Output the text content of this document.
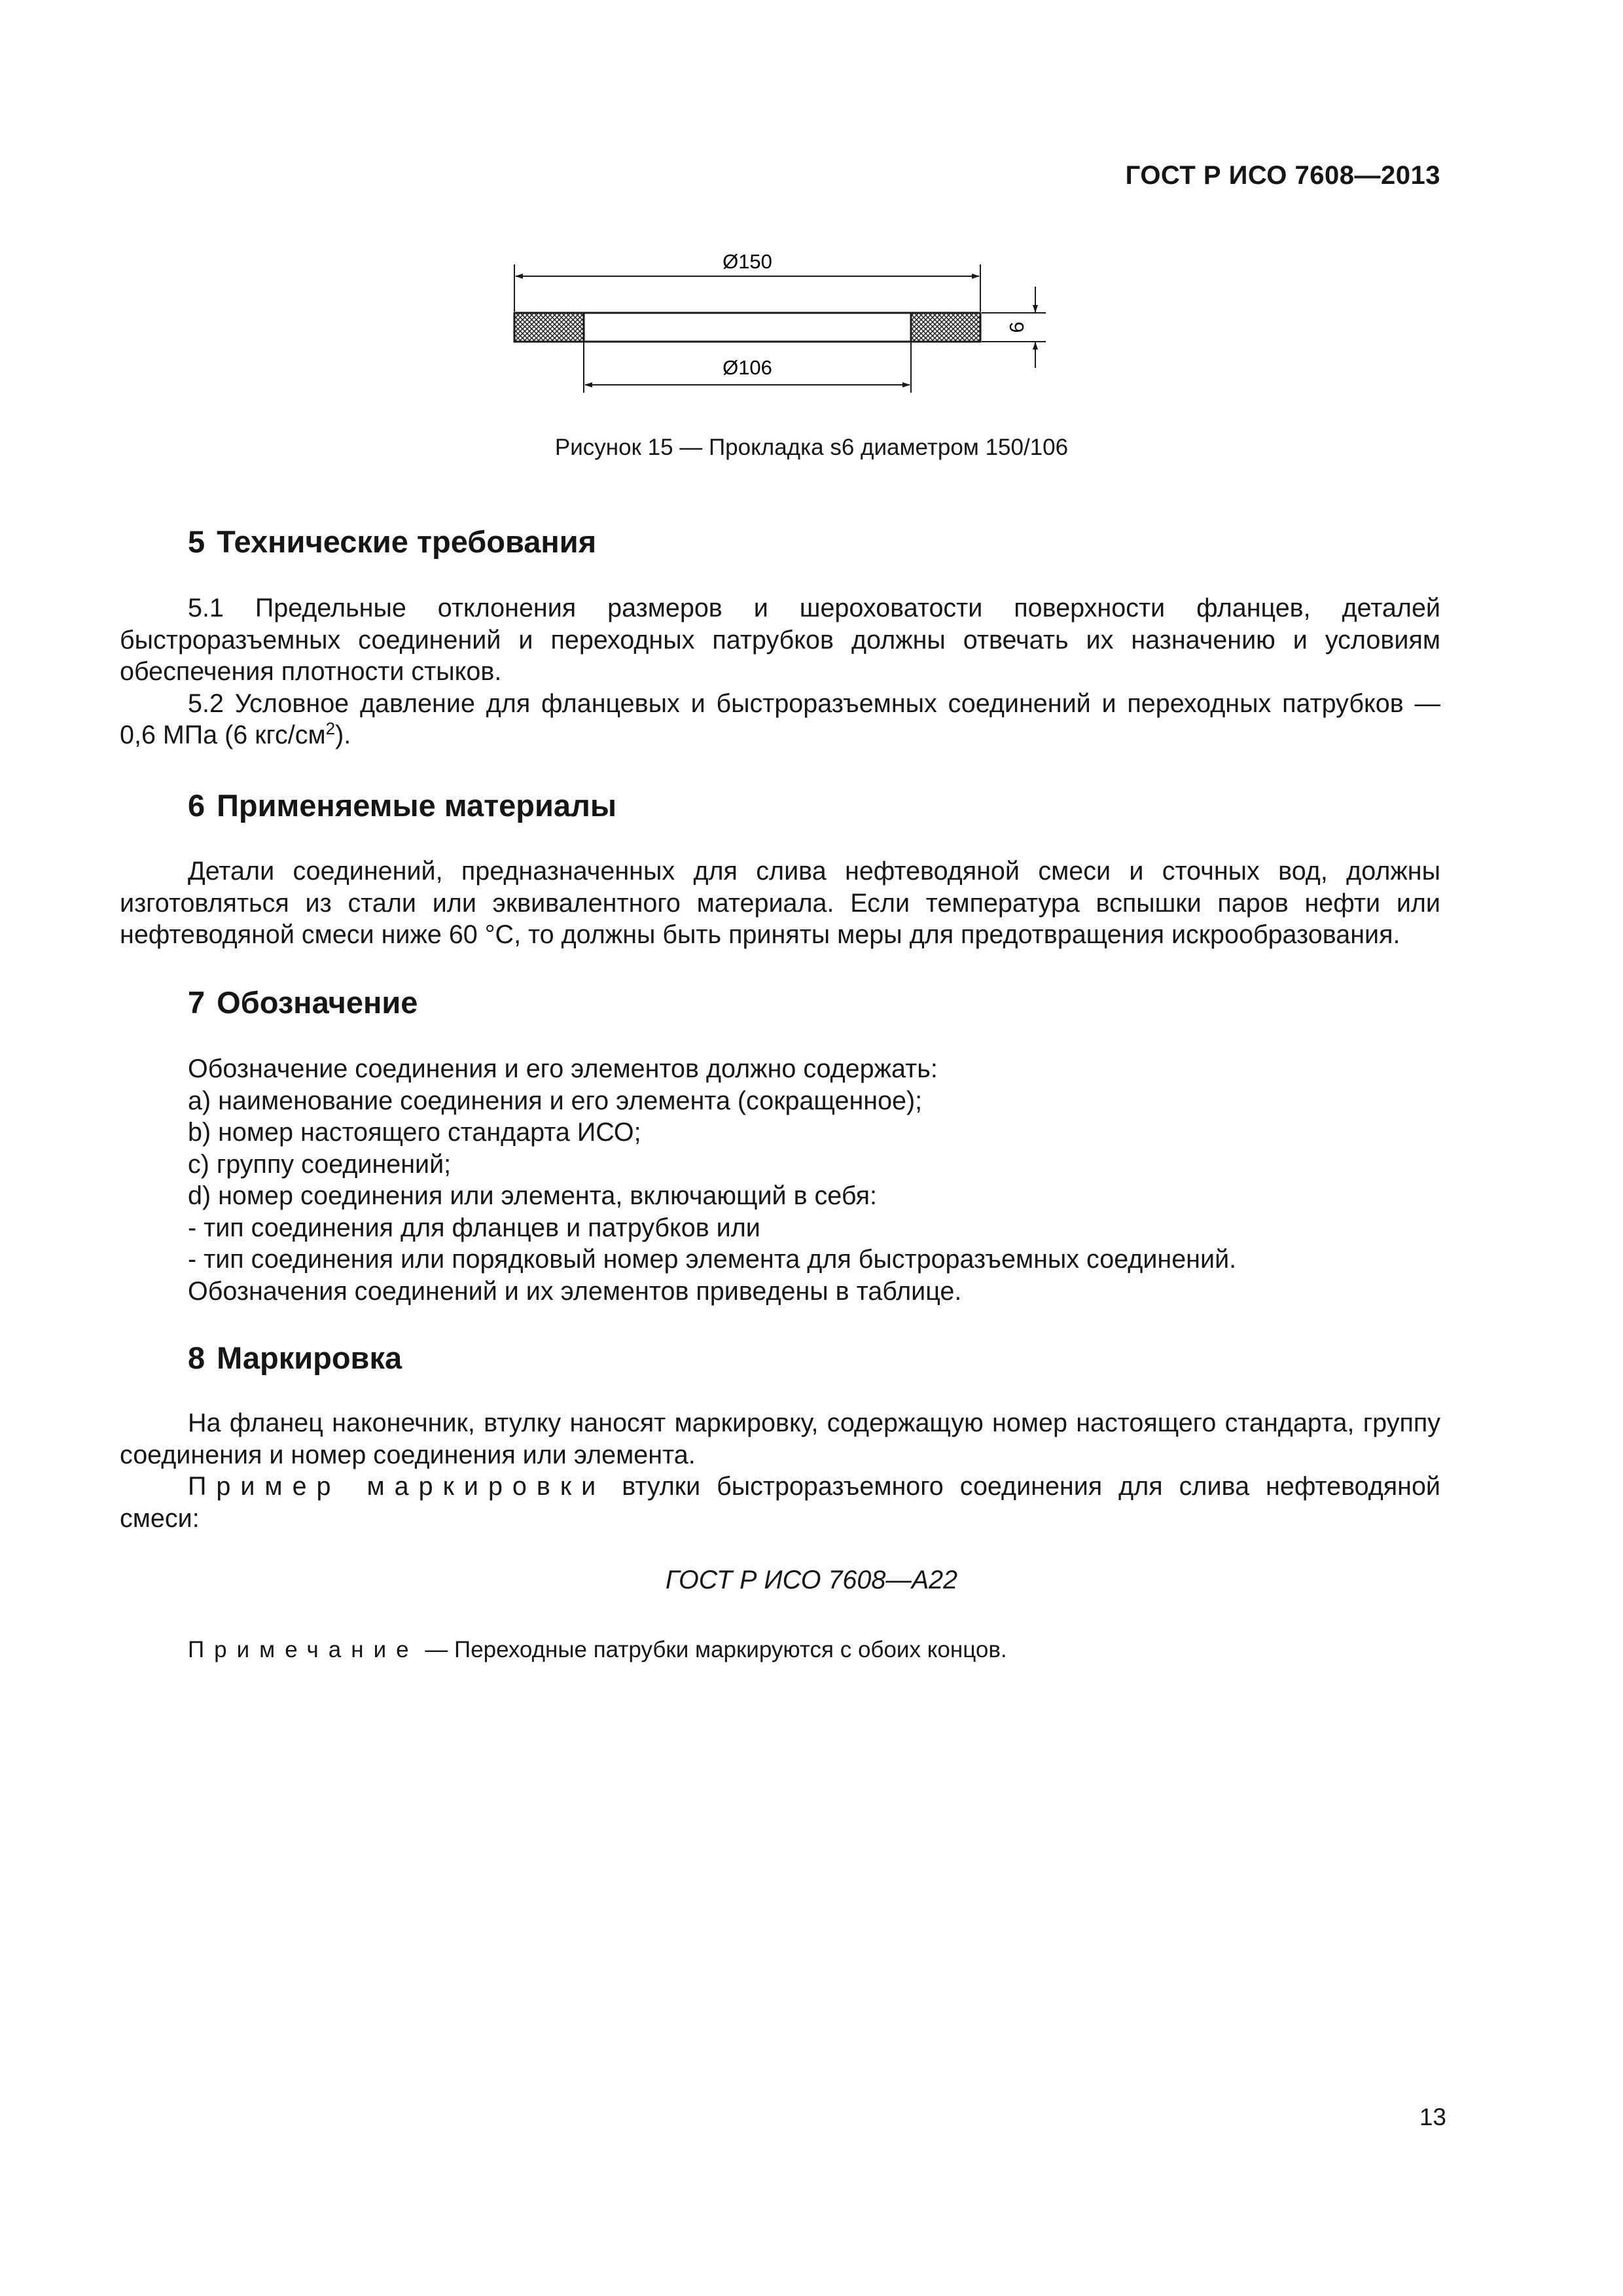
ГОСТ Р ИСО 7608—2013
Ø150
Ø106
6
Рисунок 15 — Прокладка s6 диаметром 150/106
5 Технические требования

5.1 Предельные отклонения размеров и шероховатости поверхности фланцев, деталей быстроразъемных соединений и переходных патрубков должны отвечать их назначению и условиям обеспечения плотности стыков.

5.2 Условное давление для фланцевых и быстроразъемных соединений и переходных патрубков — 0,6 МПа (6 кгс/$см^2$).

6 Применяемые материалы

Детали соединений, предназначенных для слива нефтеводяной смеси и сточных вод, должны изготовляться из стали или эквивалентного материала. Если температура вспышки паров нефти или нефтеводяной смеси ниже 60 °С, то должны быть приняты меры для предотвращения искрообразования.

7 Обозначение

Обозначение соединения и его элементов должно содержать:

a) наименование соединения и его элемента (сокращенное);

b) номер настоящего стандарта ИСО;

c) группу соединений;

d) номер соединения или элемента, включающий в себя:

- тип соединения для фланцев и патрубков или

- тип соединения или порядковый номер элемента для быстроразъемных соединений.

Обозначения соединений и их элементов приведены в таблице.

8 Маркировка

На фланец наконечник, втулку наносят маркировку, содержащую номер настоящего стандарта, группу соединения и номер соединения или элемента.

Пример маркировки втулки быстроразъемного соединения для слива нефтеводяной смеси:

ГОСТ Р ИСО 7608—А22
Примечание — Переходные патрубки маркируются с обоих концов.
13
